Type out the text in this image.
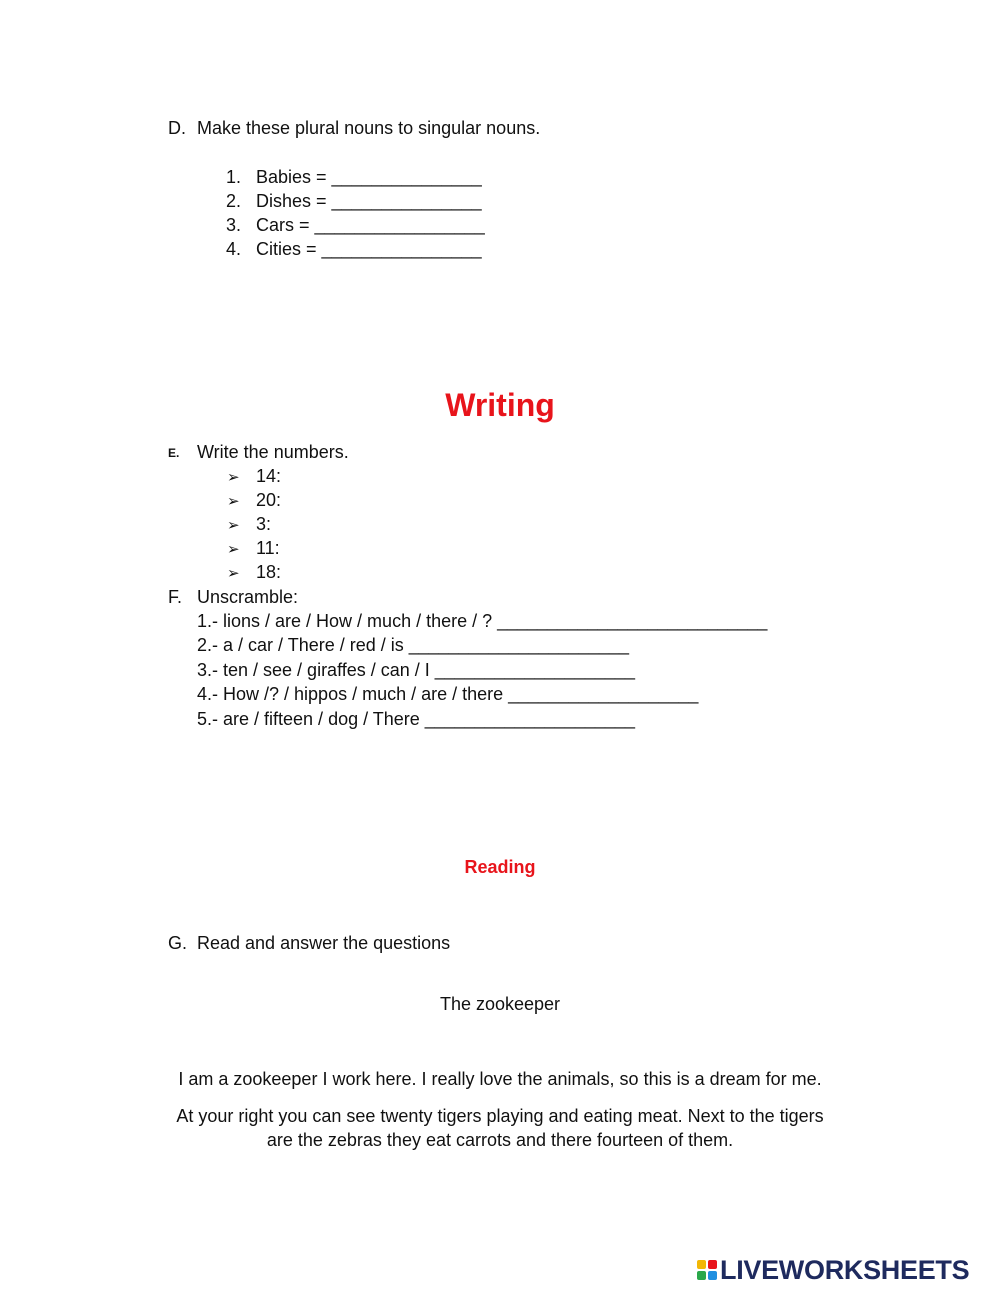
D. Make these plural nouns to singular nouns.
1. Babies = _______________
2. Dishes = _______________
3. Cars = _________________
4. Cities = ________________
Writing
E. Write the numbers.
➢ 14:
➢ 20:
➢ 3:
➢ 11:
➢ 18:
F. Unscramble:
1.- lions / are / How / much / there / ? ___________________________
2.- a / car / There / red / is ______________________
3.- ten / see / giraffes / can / I ____________________
4.- How /? / hippos / much / are / there ___________________
5.- are / fifteen / dog / There _____________________
Reading
G. Read and answer the questions
The zookeeper
I am a zookeeper I work here. I really love the animals, so this is a dream for me.
At your right you can see twenty tigers playing and eating meat. Next to the tigers
are the zebras they eat carrots and there fourteen of them.
LIVEWORKSHEETS
